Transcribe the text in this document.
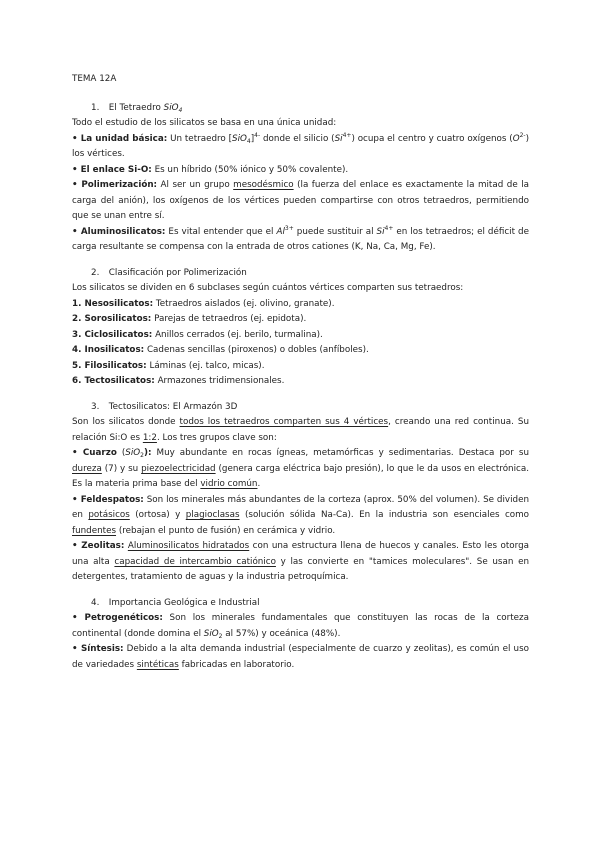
TEMA 12A

1. El Tetraedro SiO$_4$

Todo el estudio de los silicatos se basa en una única unidad:

• La unidad básica: Un tetraedro $[SiO_4]^{4-}$ donde el silicio $(Si^{4+})$ ocupa el centro y cuatro oxígenos $(O^{2-})$ los vértices.

• El enlace Si-O: Es un híbrido (50% iónico y 50% covalente).

• Polimerización: Al ser un grupo mesodésmico (la fuerza del enlace es exactamente la mitad de la carga del anión), los oxígenos de los vértices pueden compartirse con otros tetraedros, permitiendo que se unan entre sí.

• Aluminosilicatos: Es vital entender que el $Al^{3+}$ puede sustituir al $Si^{4+}$ en los tetraedros; el déficit de carga resultante se compensa con la entrada de otros cationes (K, Na, Ca, Mg, Fe).

2. Clasificación por Polimerización

Los silicatos se dividen en 6 subclases según cuántos vértices comparten sus tetraedros:

1. Nesosilicatos: Tetraedros aislados (ej. olivino, granate).

2. Sorosilicatos: Parejas de tetraedros (ej. epidota).

3. Ciclosilicatos: Anillos cerrados (ej. berilo, turmalina).

4. Inosilicatos: Cadenas sencillas (piroxenos) o dobles (anfíboles).

5. Filosilicatos: Láminas (ej. talco, micas).

6. Tectosilicatos: Armazones tridimensionales.

3. Tectosilicatos: El Armazón 3D

Son los silicatos donde todos los tetraedros comparten sus 4 vértices, creando una red continua. Su relación Si:O es 1:2. Los tres grupos clave son:

• Cuarzo (SiO$_2$): Muy abundante en rocas ígneas, metamórficas y sedimentarias. Destaca por su dureza (7) y su piezoelectricidad (genera carga eléctrica bajo presión), lo que le da usos en electrónica. Es la materia prima base del vidrio común.

• Feldespatos: Son los minerales más abundantes de la corteza (aprox. 50% del volumen). Se dividen en potásicos (ortosa) y plagioclasas (solución sólida Na-Ca). En la industria son esenciales como fundentes (rebajan el punto de fusión) en cerámica y vidrio.

• Zeolitas: Aluminosilicatos hidratados con una estructura llena de huecos y canales. Esto les otorga una alta capacidad de intercambio catiónico y las convierte en "tamices moleculares". Se usan en detergentes, tratamiento de aguas y la industria petroquímica.

4. Importancia Geológica e Industrial

• Petrogenéticos: Son los minerales fundamentales que constituyen las rocas de la corteza continental (donde domina el SiO$_2$ al 57%) y oceánica (48%).

• Síntesis: Debido a la alta demanda industrial (especialmente de cuarzo y zeolitas), es común el uso de variedades sintéticas fabricadas en laboratorio.
